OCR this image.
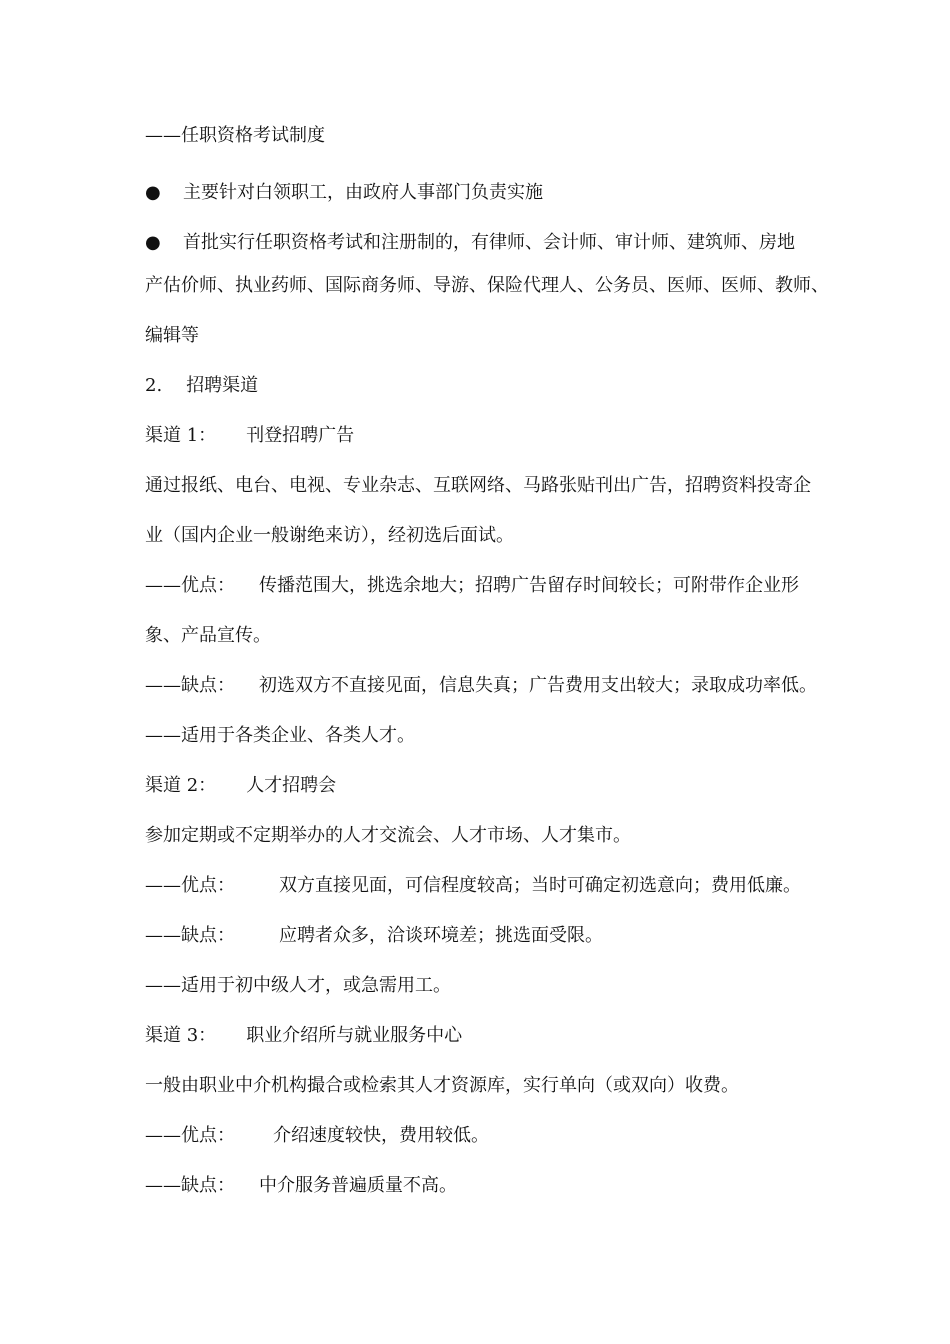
——任职资格考试制度
●	主要针对白领职工，由政府人事部门负责实施
●	首批实行任职资格考试和注册制的，有律师、会计师、审计师、建筑师、房地
产估价师、执业药师、国际商务师、导游、保险代理人、公务员、医师、医师、教师、
编辑等
2. 招聘渠道
渠道 1： 刊登招聘广告
通过报纸、电台、电视、专业杂志、互联网络、马路张贴刊出广告，招聘资料投寄企
业（国内企业一般谢绝来访），经初选后面试。
——优点： 传播范围大，挑选余地大；招聘广告留存时间较长；可附带作企业形
象、产品宣传。
——缺点： 初选双方不直接见面，信息失真；广告费用支出较大；录取成功率低。
——适用于各类企业、各类人才。
渠道 2： 人才招聘会
参加定期或不定期举办的人才交流会、人才市场、人才集市。
——优点： 双方直接见面，可信程度较高；当时可确定初选意向；费用低廉。
——缺点： 应聘者众多，洽谈环境差；挑选面受限。
——适用于初中级人才，或急需用工。
渠道 3： 职业介绍所与就业服务中心
一般由职业中介机构撮合或检索其人才资源库，实行单向（或双向）收费。
——优点： 介绍速度较快，费用较低。
——缺点： 中介服务普遍质量不高。
